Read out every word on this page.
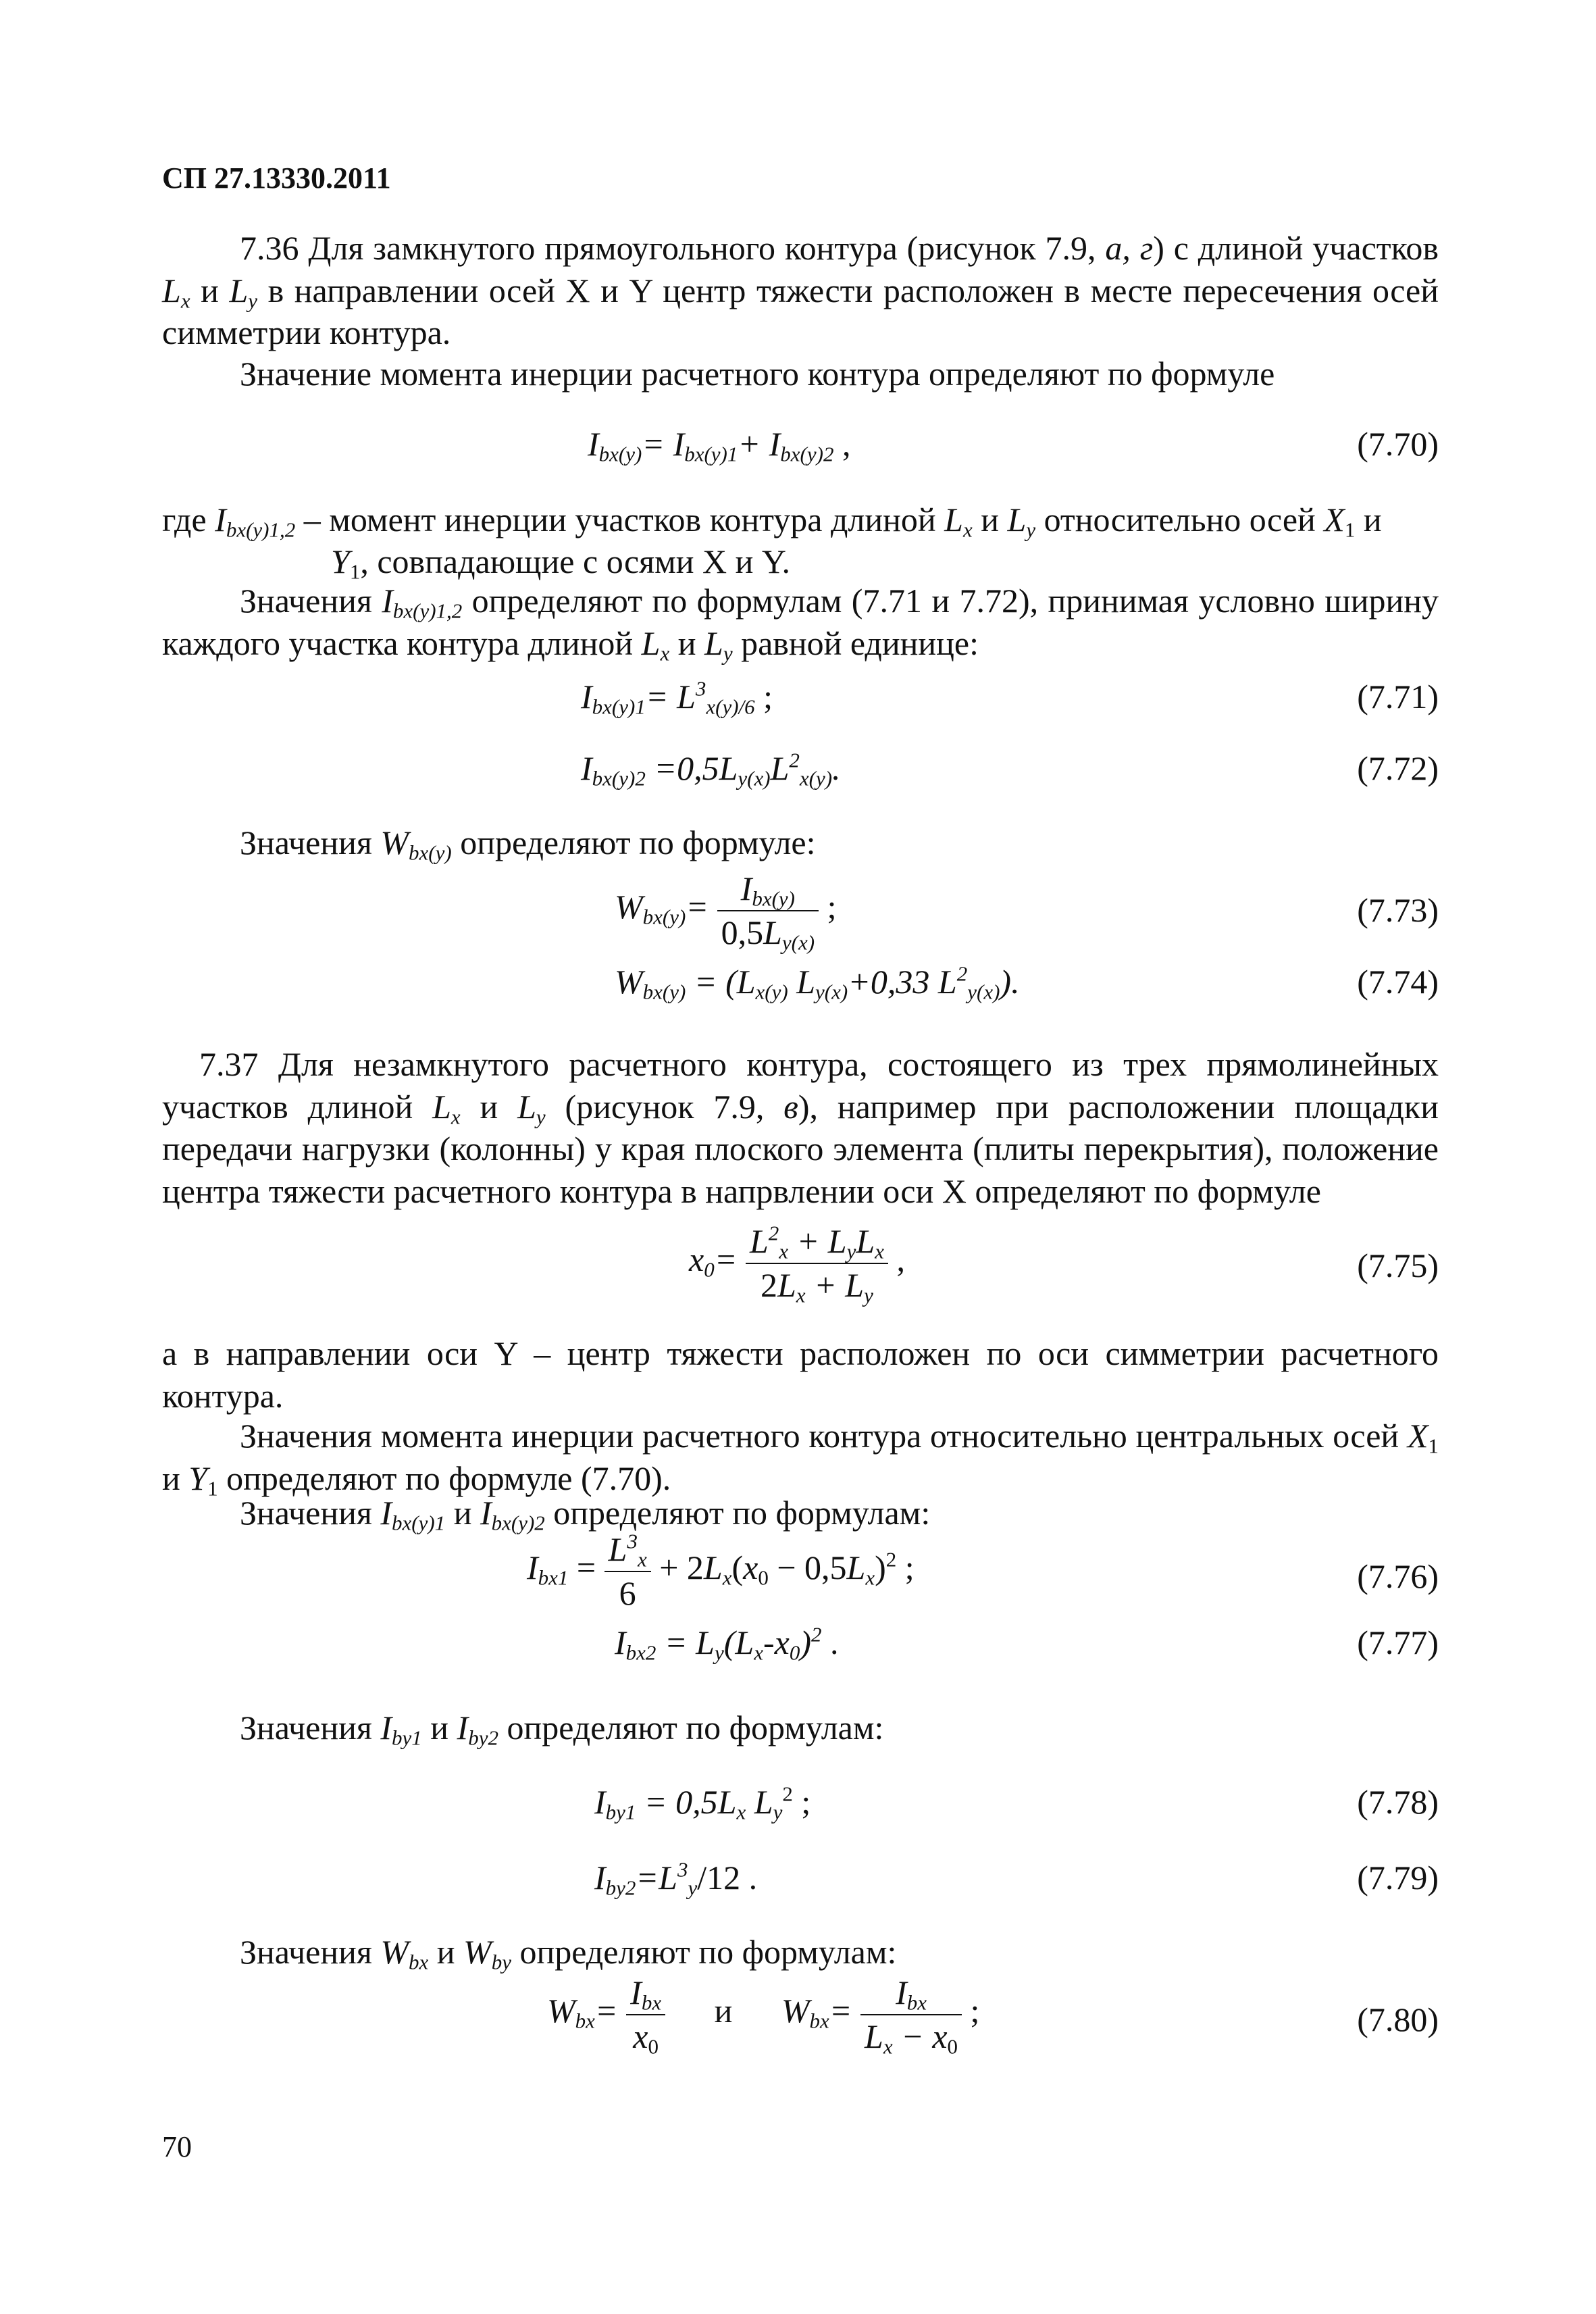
СП 27.13330.2011
7.36 Для замкнутого прямоугольного контура (рисунок 7.9, а, г) с длиной участков $L_x$ и $L_y$ в направлении осей X и Y центр тяжести расположен в месте пересечения осей симметрии контура.
Значение момента инерции расчетного контура определяют по формуле
$I_{bx(y)}= I_{bx(y)1}+ I_{bx(y)2}$ ,	(7.70)
где $I_{bx(y)1,2}$ – момент инерции участков контура длиной $L_x$ и $L_y$ относительно осей $X_1$ и
$Y_1$, совпадающие с осями X и Y.
Значения $I_{bx(y)1,2}$ определяют по формулам (7.71 и 7.72), принимая условно ширину каждого участка контура длиной $L_x$ и $L_y$ равной единице:
$I_{bx(y)1}= L^3_{x(y)/6}$ ;	(7.71)
$I_{bx(y)2} =0,5L_{y(x)}L^2_{x(y)}$.	(7.72)
Значения $W_{bx(y)}$ определяют по формуле:
$W_{bx(y)}= \frac{I_{bx(y)}}{0,5L_{y(x)}}$ ;	(7.73)
$W_{bx(y)} = (L_{x(y)}$ $L_{y(x)}+0,33$ $L^2_{y(x)}$).	(7.74)
7.37 Для незамкнутого расчетного контура, состоящего из трех прямолинейных участков длиной $L_x$ и $L_y$ (рисунок 7.9, в), например при расположении площадки передачи нагрузки (колонны) у края плоского элемента (плиты перекрытия), положение центра тяжести расчетного контура в напрвлении оси X определяют по формуле
$x_0= \frac{L^2_x + L_yL_x}{2L_x + L_y}$ ,	(7.75)
а в направлении оси Y – центр тяжести расположен по оси симметрии расчетного контура.
Значения момента инерции расчетного контура относительно центральных осей $X_1$ и $Y_1$ определяют по формуле (7.70).
Значения $I_{bx(y)1}$ и $I_{bx(y)2}$ определяют по формулам:
$I_{bx1} = \frac{L^3_x}{6} + 2L_x(x_0 - 0,5L_x)^2$ ;	(7.76)
$I_{bx2} = L_y(L_x-x_0)^2$ .	(7.77)
Значения $I_{by1}$ и $I_{by2}$ определяют по формулам:
$I_{by1} = 0,5L_x$ $L_y^2$ ;	(7.78)
$I_{by2}=L^3_y/12$ .	(7.79)
Значения $W_{bx}$ и $W_{by}$ определяют по формулам:
$W_{bx}= \frac{I_{bx}}{x_0}$ и $W_{bx}= \frac{I_{bx}}{L_x - x_0}$ ;	(7.80)
70
